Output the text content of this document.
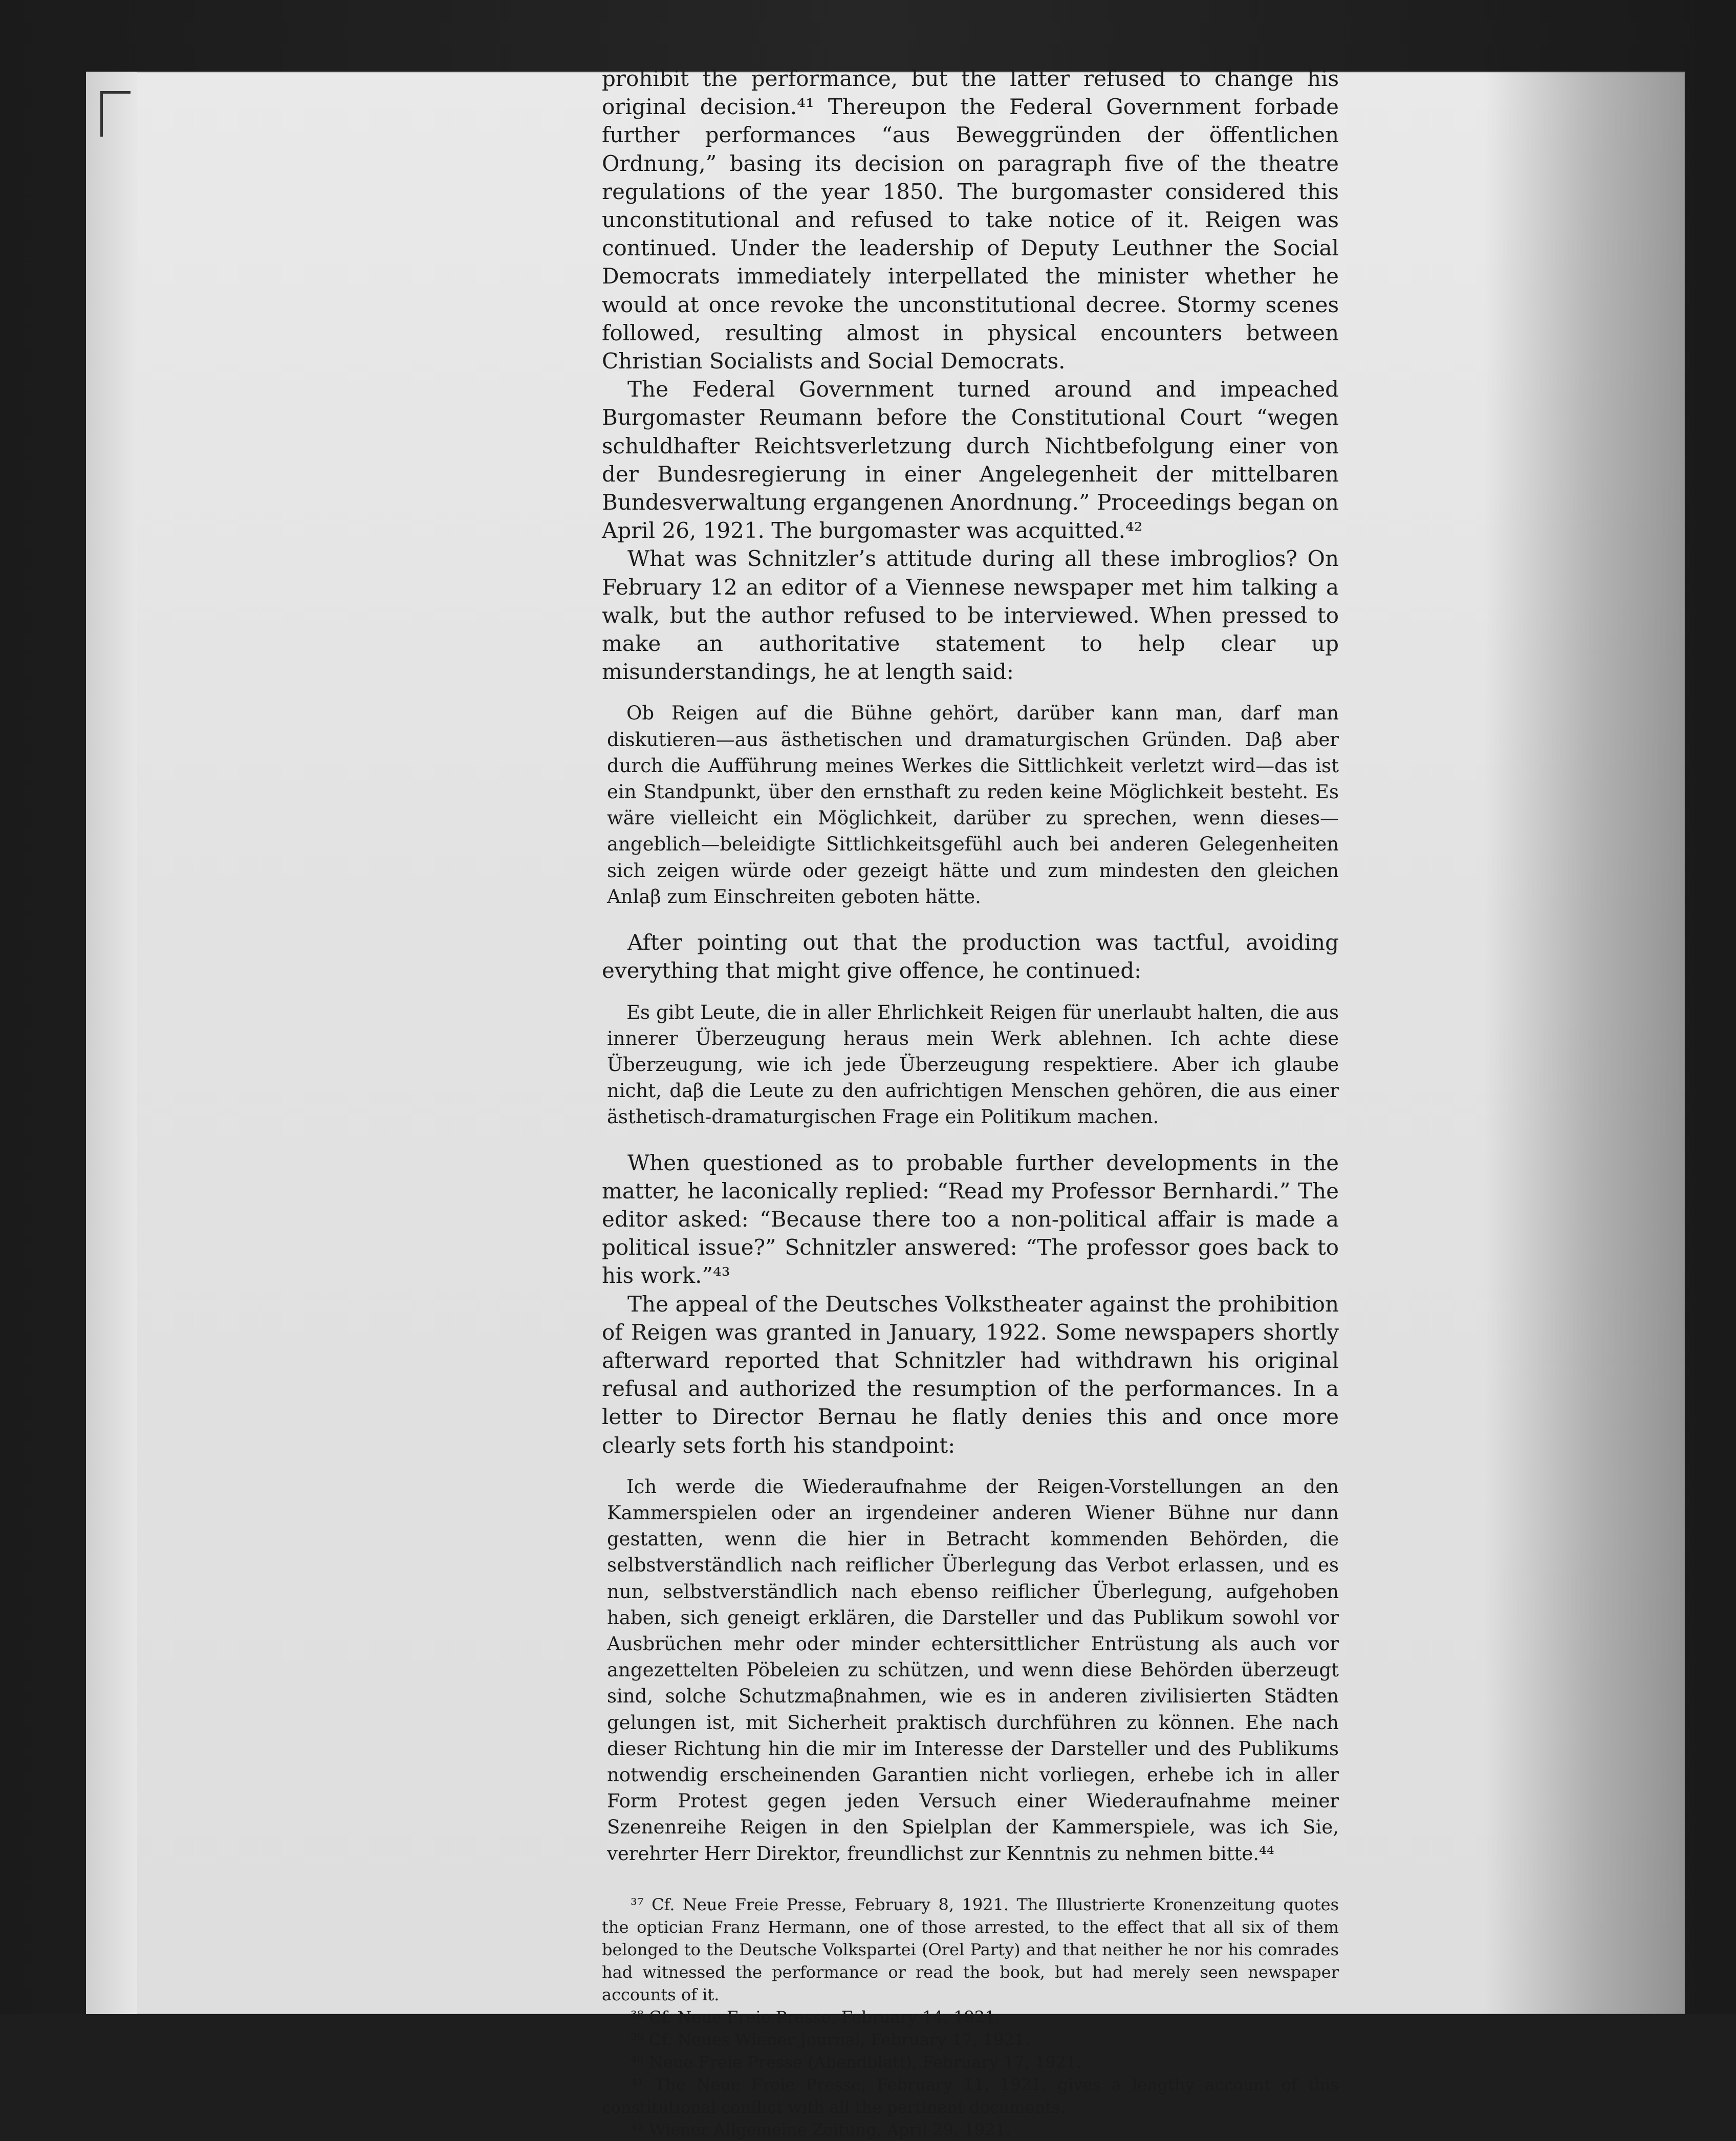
prohibit the performance, but the latter refused to change his original decision.⁴¹ Thereupon the Federal Government forbade further performances “aus Beweggründen der öffentlichen Ordnung,” basing its decision on paragraph five of the theatre regulations of the year 1850. The burgomaster considered this unconstitutional and refused to take notice of it. Reigen was continued. Under the leadership of Deputy Leuthner the Social Democrats immediately interpellated the minister whether he would at once revoke the unconstitutional decree. Stormy scenes followed, resulting almost in physical encounters between Christian Socialists and Social Democrats.

The Federal Government turned around and impeached Burgomaster Reumann before the Constitutional Court “wegen schuldhafter Reichtsverletzung durch Nichtbefolgung einer von der Bundesregierung in einer Angelegenheit der mittelbaren Bundesverwaltung ergangenen Anordnung.” Proceedings began on April 26, 1921. The burgomaster was acquitted.⁴²

What was Schnitzler’s attitude during all these imbroglios? On February 12 an editor of a Viennese newspaper met him talking a walk, but the author refused to be interviewed. When pressed to make an authoritative statement to help clear up misunderstandings, he at length said:

Ob Reigen auf die Bühne gehört, darüber kann man, darf man diskutieren—aus ästhetischen und dramaturgischen Gründen. Daβ aber durch die Aufführung meines Werkes die Sittlichkeit verletzt wird—das ist ein Standpunkt, über den ernsthaft zu reden keine Möglichkeit besteht. Es wäre vielleicht ein Möglichkeit, darüber zu sprechen, wenn dieses—angeblich—beleidigte Sittlichkeitsgefühl auch bei anderen Gelegenheiten sich zeigen würde oder gezeigt hätte und zum mindesten den gleichen Anlaβ zum Einschreiten geboten hätte.

After pointing out that the production was tactful, avoiding everything that might give offence, he continued:

Es gibt Leute, die in aller Ehrlichkeit Reigen für unerlaubt halten, die aus innerer Überzeugung heraus mein Werk ablehnen. Ich achte diese Überzeugung, wie ich jede Überzeugung respektiere. Aber ich glaube nicht, daβ die Leute zu den aufrichtigen Menschen gehören, die aus einer ästhetisch-dramaturgischen Frage ein Politikum machen.

When questioned as to probable further developments in the matter, he laconically replied: “Read my Professor Bernhardi.” The editor asked: “Because there too a non-political affair is made a political issue?” Schnitzler answered: “The professor goes back to his work.”⁴³

The appeal of the Deutsches Volkstheater against the prohibition of Reigen was granted in January, 1922. Some newspapers shortly afterward reported that Schnitzler had withdrawn his original refusal and authorized the resumption of the performances. In a letter to Director Bernau he flatly denies this and once more clearly sets forth his standpoint:

Ich werde die Wiederaufnahme der Reigen-Vorstellungen an den Kammerspielen oder an irgendeiner anderen Wiener Bühne nur dann gestatten, wenn die hier in Betracht kommenden Behörden, die selbstverständlich nach reiflicher Überlegung das Verbot erlassen, und es nun, selbstverständlich nach ebenso reiflicher Überlegung, aufgehoben haben, sich geneigt erklären, die Darsteller und das Publikum sowohl vor Ausbrüchen mehr oder minder echtersittlicher Entrüstung als auch vor angezettelten Pöbeleien zu schützen, und wenn diese Behörden überzeugt sind, solche Schutzmaβnahmen, wie es in anderen zivilisierten Städten gelungen ist, mit Sicherheit praktisch durchführen zu können. Ehe nach dieser Richtung hin die mir im Interesse der Darsteller und des Publikums notwendig erscheinenden Garantien nicht vorliegen, erhebe ich in aller Form Protest gegen jeden Versuch einer Wiederaufnahme meiner Szenenreihe Reigen in den Spielplan der Kammerspiele, was ich Sie, verehrter Herr Direktor, freundlichst zur Kenntnis zu nehmen bitte.⁴⁴

³⁷ Cf. Neue Freie Presse, February 8, 1921. The Illustrierte Kronenzeitung quotes the optician Franz Hermann, one of those arrested, to the effect that all six of them belonged to the Deutsche Volkspartei (Orel Party) and that neither he nor his comrades had witnessed the performance or read the book, but had merely seen newspaper accounts of it.

³⁸ Cf. Neue Freie Presse, February 14, 1921.

³⁹ Cf. Neues Wiener Journal, February 17, 1921.

⁴⁰ Neue Freie Presse (Abendblatt), February 17, 1921.

⁴¹ The Neue Freie Presse, February 11, 1921, gives a lengthy account of this constitutional conflict with all the pertinent documents.

⁴² Wiener Allgemeine Zeitung, April 29, 1921.
